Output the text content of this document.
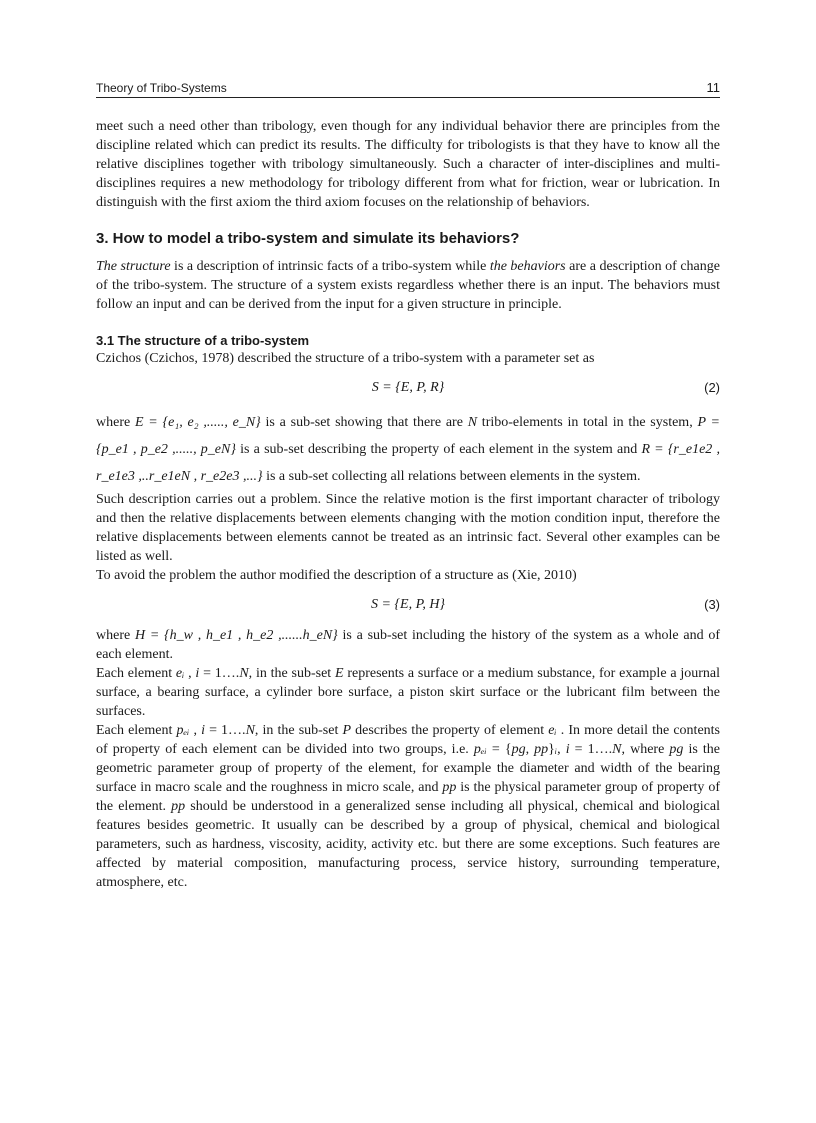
Theory of Tribo-Systems	11

meet such a need other than tribology, even though for any individual behavior there are principles from the discipline related which can predict its results. The difficulty for tribologists is that they have to know all the relative disciplines together with tribology simultaneously. Such a character of inter-disciplines and multi-disciplines requires a new methodology for tribology different from what for friction, wear or lubrication. In distinguish with the first axiom the third axiom focuses on the relationship of behaviors.

3. How to model a tribo-system and simulate its behaviors?

The structure is a description of intrinsic facts of a tribo-system while the behaviors are a description of change of the tribo-system. The structure of a system exists regardless whether there is an input. The behaviors must follow an input and can be derived from the input for a given structure in principle.

3.1 The structure of a tribo-system

Czichos (Czichos, 1978) described the structure of a tribo-system with a parameter set as

S = {E, P, R}	(2)

where E = {e₁, e₂ ,....., e_N} is a sub-set showing that there are N tribo-elements in total in the system, P = {p_e1 , p_e2 ,....., p_eN} is a sub-set describing the property of each element in the system and R = {r_e1e2 , r_e1e3 ,..r_e1eN , r_e2e3 ,...} is a sub-set collecting all relations between elements in the system.

Such description carries out a problem. Since the relative motion is the first important character of tribology and then the relative displacements between elements changing with the motion condition input, therefore the relative displacements between elements cannot be treated as an intrinsic fact. Several other examples can be listed as well.

To avoid the problem the author modified the description of a structure as (Xie, 2010)

S = {E, P, H}	(3)

where H = {h_w , h_e1 , h_e2 ,......h_eN} is a sub-set including the history of the system as a whole and of each element.

Each element eᵢ , i = 1….N, in the sub-set E represents a surface or a medium substance, for example a journal surface, a bearing surface, a cylinder bore surface, a piston skirt surface or the lubricant film between the surfaces.

Each element pₑᵢ , i = 1….N, in the sub-set P describes the property of element eᵢ . In more detail the contents of property of each element can be divided into two groups, i.e. pₑᵢ = {pg, pp}ᵢ, i = 1….N, where pg is the geometric parameter group of property of the element, for example the diameter and width of the bearing surface in macro scale and the roughness in micro scale, and pp is the physical parameter group of property of the element. pp should be understood in a generalized sense including all physical, chemical and biological features besides geometric. It usually can be described by a group of physical, chemical and biological parameters, such as hardness, viscosity, acidity, activity etc. but there are some exceptions. Such features are affected by material composition, manufacturing process, service history, surrounding temperature, atmosphere, etc.
